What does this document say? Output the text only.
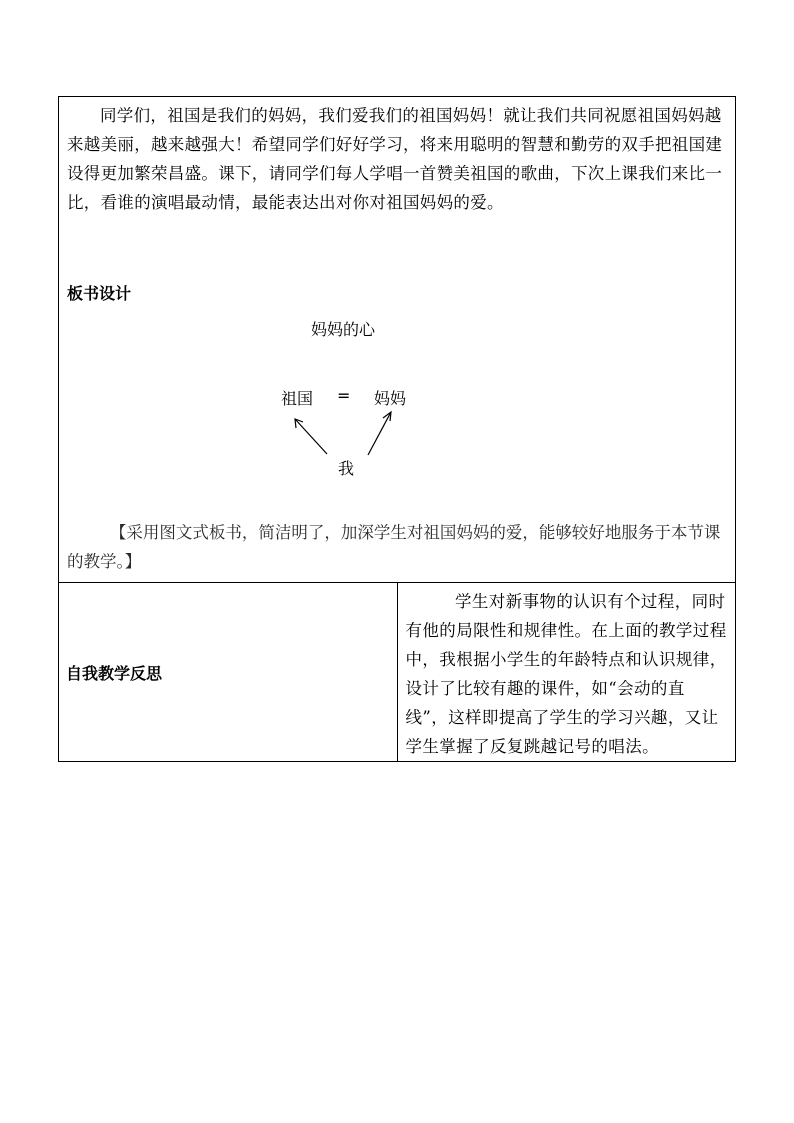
同学们，祖国是我们的妈妈，我们爱我们的祖国妈妈！就让我们共同祝愿祖国妈妈越来越美丽，越来越强大！希望同学们好好学习，将来用聪明的智慧和勤劳的双手把祖国建设得更加繁荣昌盛。课下，请同学们每人学唱一首赞美祖国的歌曲，下次上课我们来比一比，看谁的演唱最动情，最能表达出对你对祖国妈妈的爱。

板书设计
妈妈的心
祖国 = 妈妈
我

【采用图文式板书，简洁明了，加深学生对祖国妈妈的爱，能够较好地服务于本节课的教学。】

自我教学反思

学生对新事物的认识有个过程，同时有他的局限性和规律性。在上面的教学过程中，我根据小学生的年龄特点和认识规律，设计了比较有趣的课件，如“会动的直线”，这样即提高了学生的学习兴趣，又让学生掌握了反复跳越记号的唱法。
